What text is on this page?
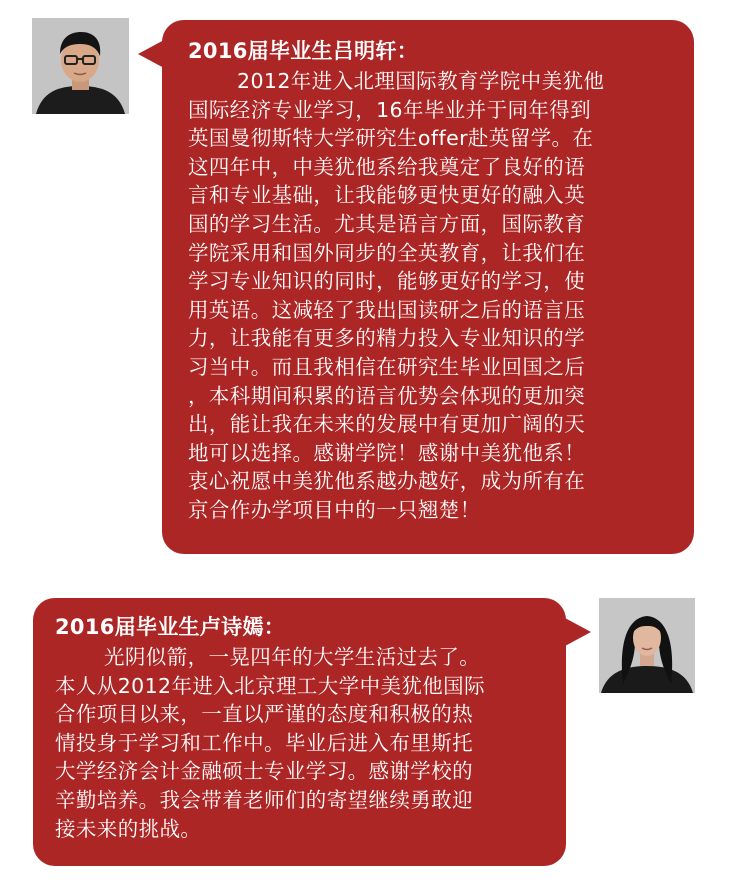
2016届毕业生吕明轩：

2012年进入北理国际教育学院中美犹他
国际经济专业学习，16年毕业并于同年得到
英国曼彻斯特大学研究生offer赴英留学。在
这四年中，中美犹他系给我奠定了良好的语
言和专业基础，让我能够更快更好的融入英
国的学习生活。尤其是语言方面，国际教育
学院采用和国外同步的全英教育，让我们在
学习专业知识的同时，能够更好的学习，使
用英语。这减轻了我出国读研之后的语言压
力，让我能有更多的精力投入专业知识的学
习当中。而且我相信在研究生毕业回国之后
，本科期间积累的语言优势会体现的更加突
出，能让我在未来的发展中有更加广阔的天
地可以选择。感谢学院！感谢中美犹他系！
衷心祝愿中美犹他系越办越好，成为所有在
京合作办学项目中的一只翘楚！

2016届毕业生卢诗嫣：

光阴似箭，一晃四年的大学生活过去了。
本人从2012年进入北京理工大学中美犹他国际
合作项目以来，一直以严谨的态度和积极的热
情投身于学习和工作中。毕业后进入布里斯托
大学经济会计金融硕士专业学习。感谢学校的
辛勤培养。我会带着老师们的寄望继续勇敢迎
接未来的挑战。
